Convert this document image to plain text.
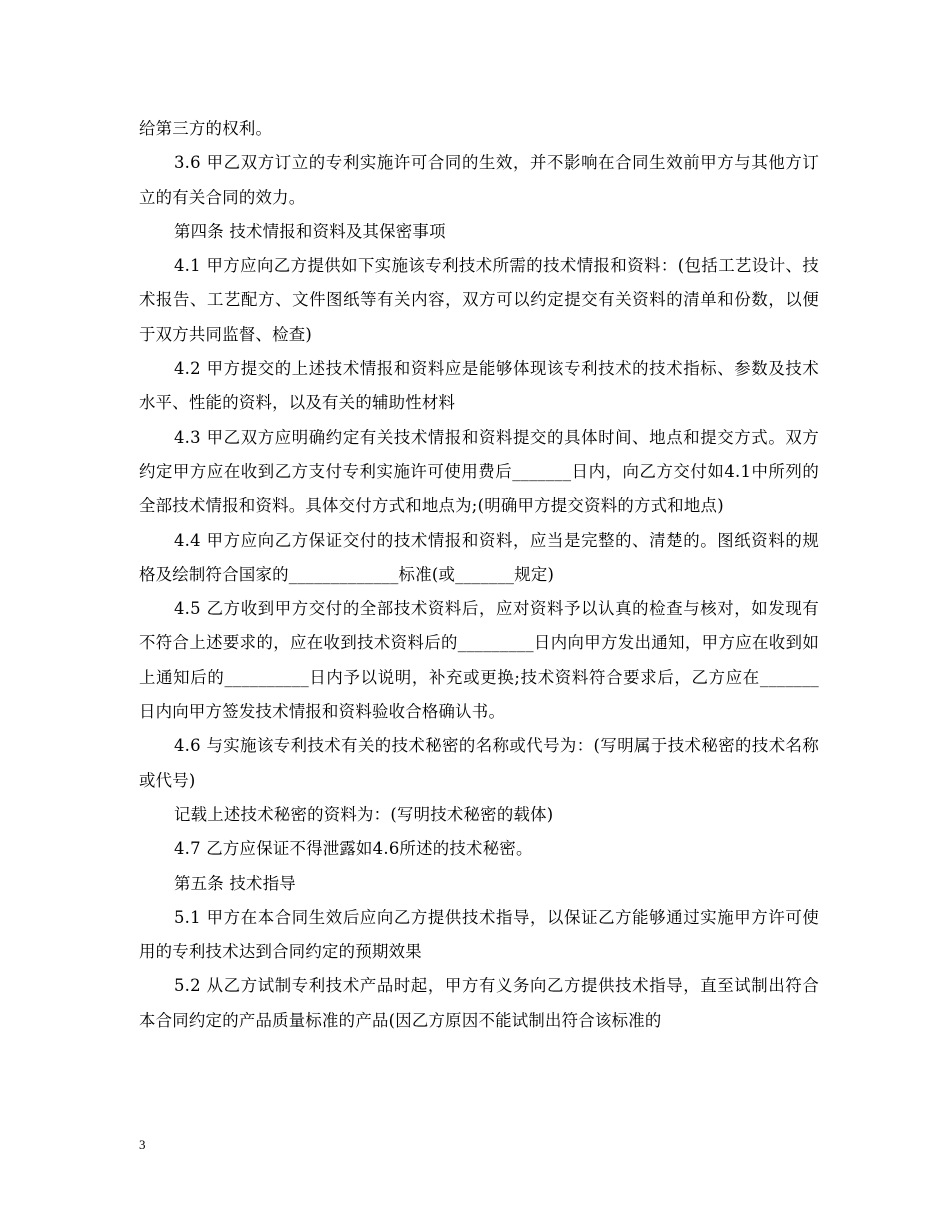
给第三方的权利。

3.6 甲乙双方订立的专利实施许可合同的生效，并不影响在合同生效前甲方与其他方订立的有关合同的效力。

第四条 技术情报和资料及其保密事项

4.1 甲方应向乙方提供如下实施该专利技术所需的技术情报和资料：(包括工艺设计、技术报告、工艺配方、文件图纸等有关内容，双方可以约定提交有关资料的清单和份数，以便于双方共同监督、检查)

4.2 甲方提交的上述技术情报和资料应是能够体现该专利技术的技术指标、参数及技术水平、性能的资料，以及有关的辅助性材料

4.3 甲乙双方应明确约定有关技术情报和资料提交的具体时间、地点和提交方式。双方约定甲方应在收到乙方支付专利实施许可使用费后_______日内，向乙方交付如4.1中所列的全部技术情报和资料。具体交付方式和地点为;(明确甲方提交资料的方式和地点)

4.4 甲方应向乙方保证交付的技术情报和资料，应当是完整的、清楚的。图纸资料的规格及绘制符合国家的_____________标准(或_______规定)

4.5 乙方收到甲方交付的全部技术资料后，应对资料予以认真的检查与核对，如发现有不符合上述要求的，应在收到技术资料后的_________日内向甲方发出通知，甲方应在收到如上通知后的__________日内予以说明，补充或更换;技术资料符合要求后，乙方应在_______日内向甲方签发技术情报和资料验收合格确认书。

4.6 与实施该专利技术有关的技术秘密的名称或代号为：(写明属于技术秘密的技术名称或代号)

记载上述技术秘密的资料为：(写明技术秘密的载体)

4.7 乙方应保证不得泄露如4.6所述的技术秘密。

第五条 技术指导

5.1 甲方在本合同生效后应向乙方提供技术指导，以保证乙方能够通过实施甲方许可使用的专利技术达到合同约定的预期效果

5.2 从乙方试制专利技术产品时起，甲方有义务向乙方提供技术指导，直至试制出符合本合同约定的产品质量标准的产品(因乙方原因不能试制出符合该标准的

3
